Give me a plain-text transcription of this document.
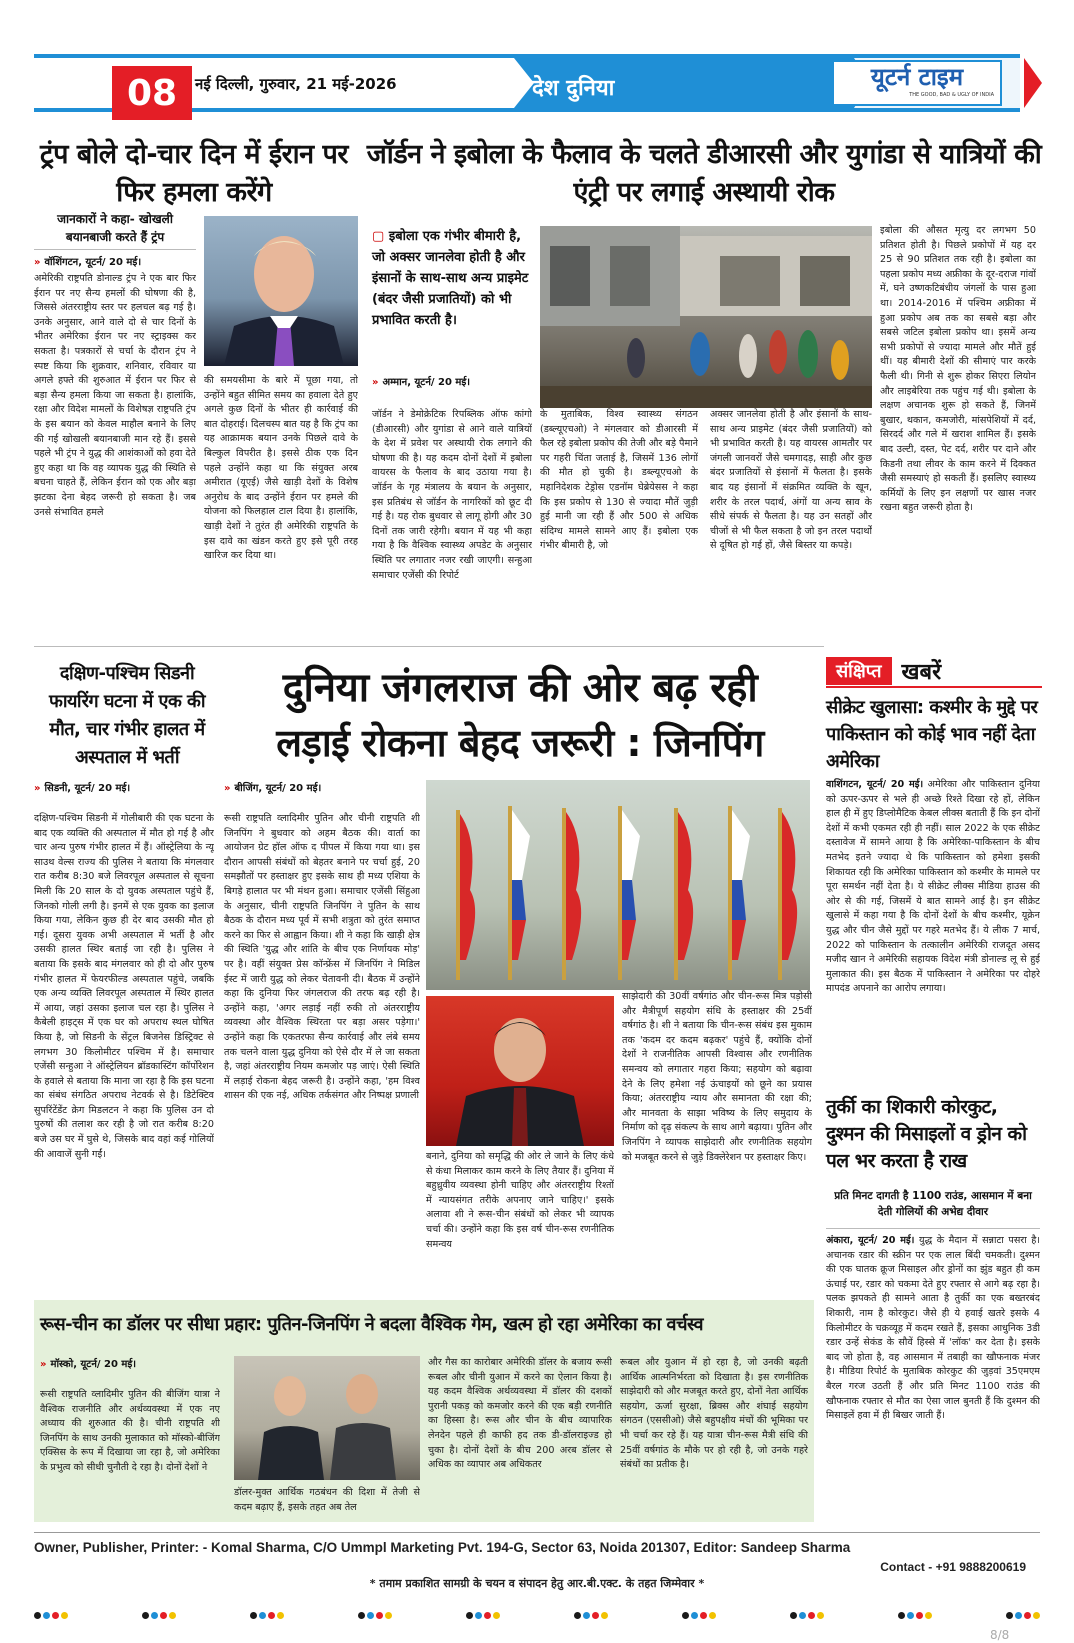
08	नई दिल्ली, गुरुवार, 21 मई-2026	देश दुनिया	यूटर्न टाइम
THE GOOD, BAD & UGLY OF INDIA
ट्रंप बोले दो-चार दिन में ईरान पर फिर हमला करेंगे
जानकारों ने कहा- खोखली बयानबाजी करते हैं ट्रंप
» वॉशिंगटन, यूटर्न/ 20 मई।
अमेरिकी राष्ट्रपति डोनाल्ड ट्रंप ने एक बार फिर ईरान पर नए सैन्य हमलों की घोषणा की है, जिससे अंतरराष्ट्रीय स्तर पर हलचल बढ़ गई है। उनके अनुसार, आने वाले दो से चार दिनों के भीतर अमेरिका ईरान पर नए स्ट्राइक्स कर सकता है। पत्रकारों से चर्चा के दौरान ट्रंप ने स्पष्ट किया कि शुक्रवार, शनिवार, रविवार या अगले हफ्ते की शुरुआत में ईरान पर फिर से बड़ा सैन्य हमला किया जा सकता है। हालांकि, रक्षा और विदेश मामलों के विशेषज्ञ राष्ट्रपति ट्रंप के इस बयान को केवल माहौल बनाने के लिए की गई खोखली बयानबाजी मान रहे हैं। इससे पहले भी ट्रंप ने युद्ध की आशंकाओं को हवा देते हुए कहा था कि वह व्यापक युद्ध की स्थिति से बचना चाहते हैं, लेकिन ईरान को एक और बड़ा झटका देना बेहद जरूरी हो सकता है। जब उनसे संभावित हमले
की समयसीमा के बारे में पूछा गया, तो उन्होंने बहुत सीमित समय का हवाला देते हुए अगले कुछ दिनों के भीतर ही कार्रवाई की बात दोहराई। दिलचस्प बात यह है कि ट्रंप का यह आक्रामक बयान उनके पिछले दावे के बिल्कुल विपरीत है। इससे ठीक एक दिन पहले उन्होंने कहा था कि संयुक्त अरब अमीरात (यूएई) जैसे खाड़ी देशों के विशेष अनुरोध के बाद उन्होंने ईरान पर हमले की योजना को फिलहाल टाल दिया है। हालांकि, खाड़ी देशों ने तुरंत ही अमेरिकी राष्ट्रपति के इस दावे का खंडन करते हुए इसे पूरी तरह खारिज कर दिया था।
जॉर्डन ने इबोला के फैलाव के चलते डीआरसी और युगांडा से यात्रियों की एंट्री पर लगाई अस्थायी रोक
▢ इबोला एक गंभीर बीमारी है, जो अक्सर जानलेवा होती है और इंसानों के साथ-साथ अन्य प्राइमेट (बंदर जैसी प्रजातियों) को भी प्रभावित करती है।
» अम्मान, यूटर्न/ 20 मई।
जॉर्डन ने डेमोक्रेटिक रिपब्लिक ऑफ कांगो (डीआरसी) और युगांडा से आने वाले यात्रियों के देश में प्रवेश पर अस्थायी रोक लगाने की घोषणा की है। यह कदम दोनों देशों में इबोला वायरस के फैलाव के बाद उठाया गया है। जॉर्डन के गृह मंत्रालय के बयान के अनुसार, इस प्रतिबंध से जॉर्डन के नागरिकों को छूट दी गई है। यह रोक बुधवार से लागू होगी और 30 दिनों तक जारी रहेगी। बयान में यह भी कहा गया है कि वैश्विक स्वास्थ्य अपडेट के अनुसार स्थिति पर लगातार नजर रखी जाएगी। सन्हुआ समाचार एजेंसी की रिपोर्ट
के मुताबिक, विश्व स्वास्थ्य संगठन (डब्ल्यूएचओ) ने मंगलवार को डीआरसी में फैल रहे इबोला प्रकोप की तेजी और बड़े पैमाने पर गहरी चिंता जताई है, जिसमें 136 लोगों की मौत हो चुकी है। डब्ल्यूएचओ के महानिदेशक टेड्रोस एडनॉम घेब्रेयेसस ने कहा कि इस प्रकोप से 130 से ज्यादा मौतें जुड़ी हुई मानी जा रही हैं और 500 से अधिक संदिग्ध मामले सामने आए हैं। इबोला एक गंभीर बीमारी है, जो
अक्सर जानलेवा होती है और इंसानों के साथ-साथ अन्य प्राइमेट (बंदर जैसी प्रजातियों) को भी प्रभावित करती है। यह वायरस आमतौर पर जंगली जानवरों जैसे चमगादड़, साही और कुछ बंदर प्रजातियों से इंसानों में फैलता है। इसके बाद यह इंसानों में संक्रमित व्यक्ति के खून, शरीर के तरल पदार्थ, अंगों या अन्य स्राव के सीधे संपर्क से फैलता है। यह उन सतहों और चीजों से भी फैल सकता है जो इन तरल पदार्थों से दूषित हो गई हों, जैसे बिस्तर या कपड़े।
इबोला की औसत मृत्यु दर लगभग 50 प्रतिशत होती है। पिछले प्रकोपों में यह दर 25 से 90 प्रतिशत तक रही है। इबोला का पहला प्रकोप मध्य अफ्रीका के दूर-दराज गांवों में, घने उष्णकटिबंधीय जंगलों के पास हुआ था। 2014-2016 में पश्चिम अफ्रीका में हुआ प्रकोप अब तक का सबसे बड़ा और सबसे जटिल इबोला प्रकोप था। इसमें अन्य सभी प्रकोपों से ज्यादा मामले और मौतें हुई थीं। यह बीमारी देशों की सीमाएं पार करके फैली थी। गिनी से शुरू होकर सिएरा लियोन और लाइबेरिया तक पहुंच गई थी। इबोला के लक्षण अचानक शुरू हो सकते हैं, जिनमें बुखार, थकान, कमजोरी, मांसपेशियों में दर्द, सिरदर्द और गले में खराश शामिल हैं। इसके बाद उल्टी, दस्त, पेट दर्द, शरीर पर दाने और किडनी तथा लीवर के काम करने में दिक्कत जैसी समस्याएं हो सकती हैं। इसलिए स्वास्थ्य कर्मियों के लिए इन लक्षणों पर खास नजर रखना बहुत जरूरी होता है।
दक्षिण-पश्चिम सिडनी फायरिंग घटना में एक की मौत, चार गंभीर हालत में अस्पताल में भर्ती
» सिडनी, यूटर्न/ 20 मई।
दक्षिण-पश्चिम सिडनी में गोलीबारी की एक घटना के बाद एक व्यक्ति की अस्पताल में मौत हो गई है और चार अन्य पुरुष गंभीर हालत में हैं। ऑस्ट्रेलिया के न्यू साउथ वेल्स राज्य की पुलिस ने बताया कि मंगलवार रात करीब 8:30 बजे लिवरपूल अस्पताल से सूचना मिली कि 20 साल के दो युवक अस्पताल पहुंचे हैं, जिनको गोली लगी है। इनमें से एक युवक का इलाज किया गया, लेकिन कुछ ही देर बाद उसकी मौत हो गई। दूसरा युवक अभी अस्पताल में भर्ती है और उसकी हालत स्थिर बताई जा रही है। पुलिस ने बताया कि इसके बाद मंगलवार को ही दो और पुरुष गंभीर हालत में फेयरफील्ड अस्पताल पहुंचे, जबकि एक अन्य व्यक्ति लिवरपूल अस्पताल में स्थिर हालत में आया, जहां उसका इलाज चल रहा है। पुलिस ने कैबेली हाइट्स में एक घर को अपराध स्थल घोषित किया है, जो सिडनी के सेंट्रल बिजनेस डिस्ट्रिक्ट से लगभग 30 किलोमीटर पश्चिम में है। समाचार एजेंसी सन्हुआ ने ऑस्ट्रेलियन ब्रॉडकास्टिंग कॉर्पोरेशन के हवाले से बताया कि माना जा रहा है कि इस घटना का संबंध संगठित अपराध नेटवर्क से है। डिटेक्टिव सुपरिंटेंडेंट क्रेग मिडलटन ने कहा कि पुलिस उन दो पुरुषों की तलाश कर रही है जो रात करीब 8:20 बजे उस घर में घुसे थे, जिसके बाद वहां कई गोलियों की आवाजें सुनी गईं।
दुनिया जंगलराज की ओर बढ़ रही
लड़ाई रोकना बेहद जरूरी : जिनपिंग
» बीजिंग, यूटर्न/ 20 मई।
रूसी राष्ट्रपति व्लादिमीर पुतिन और चीनी राष्ट्रपति शी जिनपिंग ने बुधवार को अहम बैठक की। वार्ता का आयोजन ग्रेट हॉल ऑफ द पीपल में किया गया था। इस दौरान आपसी संबंधों को बेहतर बनाने पर चर्चा हुई, 20 समझौतों पर हस्ताक्षर हुए इसके साथ ही मध्य एशिया के बिगड़े हालात पर भी मंथन हुआ। समाचार एजेंसी सिंहुआ के अनुसार, चीनी राष्ट्रपति जिनपिंग ने पुतिन के साथ बैठक के दौरान मध्य पूर्व में सभी शत्रुता को तुरंत समाप्त करने का फिर से आह्वान किया। शी ने कहा कि खाड़ी क्षेत्र की स्थिति 'युद्ध और शांति के बीच एक निर्णायक मोड़' पर है। वहीं संयुक्त प्रेस कॉन्फ्रेंस में जिनपिंग ने मिडिल ईस्ट में जारी युद्ध को लेकर चेतावनी दी। बैठक में उन्होंने कहा कि दुनिया फिर जंगलराज की तरफ बढ़ रही है। उन्होंने कहा, 'अगर लड़ाई नहीं रुकी तो अंतरराष्ट्रीय व्यवस्था और वैश्विक स्थिरता पर बड़ा असर पड़ेगा।' उन्होंने कहा कि एकतरफा सैन्य कार्रवाई और लंबे समय तक चलने वाला युद्ध दुनिया को ऐसे दौर में ले जा सकता है, जहां अंतरराष्ट्रीय नियम कमजोर पड़ जाएं। ऐसी स्थिति में लड़ाई रोकना बेहद जरूरी है। उन्होंने कहा, 'हम विश्व शासन की एक नई, अधिक तर्कसंगत और निष्पक्ष प्रणाली
बनाने, दुनिया को समृद्धि की ओर ले जाने के लिए कंधे से कंधा मिलाकर काम करने के लिए तैयार हैं। दुनिया में बहुध्रुवीय व्यवस्था होनी चाहिए और अंतरराष्ट्रीय रिश्तों में न्यायसंगत तरीके अपनाए जाने चाहिए।' इसके अलावा शी ने रूस-चीन संबंधों को लेकर भी व्यापक चर्चा की। उन्होंने कहा कि इस वर्ष चीन-रूस रणनीतिक समन्वय
साझेदारी की 30वीं वर्षगांठ और चीन-रूस मित्र पड़ोसी और मैत्रीपूर्ण सहयोग संधि के हस्ताक्षर की 25वीं वर्षगांठ है। शी ने बताया कि चीन-रूस संबंध इस मुकाम तक 'कदम दर कदम बढ़कर' पहुंचे हैं, क्योंकि दोनों देशों ने राजनीतिक आपसी विश्वास और रणनीतिक समन्वय को लगातार गहरा किया; सहयोग को बढ़ावा देने के लिए हमेशा नई ऊंचाइयों को छूने का प्रयास किया; अंतरराष्ट्रीय न्याय और समानता की रक्षा की; और मानवता के साझा भविष्य के लिए समुदाय के निर्माण को दृढ़ संकल्प के साथ आगे बढ़ाया। पुतिन और जिनपिंग ने व्यापक साझेदारी और रणनीतिक सहयोग को मजबूत करने से जुड़े डिक्लेरेशन पर हस्ताक्षर किए।
संक्षिप्त खबरें
सीक्रेट खुलासा: कश्मीर के मुद्दे पर पाकिस्तान को कोई भाव नहीं देता अमेरिका
वाशिंगटन, यूटर्न/ 20 मई। अमेरिका और पाकिस्तान दुनिया को ऊपर-ऊपर से भले ही अच्छे रिश्ते दिखा रहे हों, लेकिन हाल ही में हुए डिप्लोमैटिक केबल लीक्स बताती हैं कि इन दोनों देशों में कभी एकमत रही ही नहीं। साल 2022 के एक सीक्रेट दस्तावेज में सामने आया है कि अमेरिका-पाकिस्तान के बीच मतभेद इतने ज्यादा थे कि पाकिस्तान को हमेशा इसकी शिकायत रही कि अमेरिका पाकिस्तान को कश्मीर के मामले पर पूरा समर्थन नहीं देता है। ये सीक्रेट लीक्स मीडिया हाउस की ओर से की गई, जिसमें ये बात सामने आई है। इन सीक्रेट खुलासे में कहा गया है कि दोनों देशों के बीच कश्मीर, यूक्रेन युद्ध और चीन जैसे मुद्दों पर गहरे मतभेद हैं। ये लीक 7 मार्च, 2022 को पाकिस्तान के तत्कालीन अमेरिकी राजदूत असद मजीद खान ने अमेरिकी सहायक विदेश मंत्री डोनाल्ड लू से हुई मुलाकात की। इस बैठक में पाकिस्तान ने अमेरिका पर दोहरे मापदंड अपनाने का आरोप लगाया।
तुर्की का शिकारी कोरकुट, दुश्मन की मिसाइलों व ड्रोन को पल भर करता है राख
प्रति मिनट दागती है 1100 राउंड, आसमान में बना देती गोलियों की अभेद्य दीवार
अंकारा, यूटर्न/ 20 मई। युद्ध के मैदान में सन्नाटा पसरा है। अचानक रडार की स्क्रीन पर एक लाल बिंदी चमकती। दुश्मन की एक घातक क्रूज मिसाइल और ड्रोनों का झुंड बहुत ही कम ऊंचाई पर, रडार को चकमा देते हुए रफ्तार से आगे बढ़ रहा है। पलक झपकते ही सामने आता है तुर्की का एक बख्तरबंद शिकारी, नाम है कोरकुट। जैसे ही ये हवाई खतरे इसके 4 किलोमीटर के चक्रव्यूह में कदम रखते हैं, इसका आधुनिक 3डी रडार उन्हें सेकंड के सौवें हिस्से में 'लॉक' कर देता है। इसके बाद जो होता है, वह आसमान में तबाही का खौफनाक मंजर है। मीडिया रिपोर्ट के मुताबिक कोरकुट की जुड़वां 35एमएम बैरल गरज उठती हैं और प्रति मिनट 1100 राउंड की खौफनाक रफ्तार से मौत का ऐसा जाल बुनती हैं कि दुश्मन की मिसाइलें हवा में ही बिखर जाती हैं।
रूस-चीन का डॉलर पर सीधा प्रहार: पुतिन-जिनपिंग ने बदला वैश्विक गेम, खत्म हो रहा अमेरिका का वर्चस्व
» मॉस्को, यूटर्न/ 20 मई।
रूसी राष्ट्रपति व्लादिमीर पुतिन की बीजिंग यात्रा ने वैश्विक राजनीति और अर्थव्यवस्था में एक नए अध्याय की शुरुआत की है। चीनी राष्ट्रपति शी जिनपिंग के साथ उनकी मुलाकात को मॉस्को-बीजिंग एक्सिस के रूप में दिखाया जा रहा है, जो अमेरिका के प्रभुत्व को सीधी चुनौती दे रहा है। दोनों देशों ने
डॉलर-मुक्त आर्थिक गठबंधन की दिशा में तेजी से कदम बढ़ाए हैं, इसके तहत अब तेल
और गैस का कारोबार अमेरिकी डॉलर के बजाय रूसी रूबल और चीनी युआन में करने का ऐलान किया है। यह कदम वैश्विक अर्थव्यवस्था में डॉलर की दशकों पुरानी पकड़ को कमजोर करने की एक बड़ी रणनीति का हिस्सा है। रूस और चीन के बीच व्यापारिक लेनदेन पहले ही काफी हद तक डी-डॉलराइज्ड हो चुका है। दोनों देशों के बीच 200 अरब डॉलर से अधिक का व्यापार अब अधिकतर
रूबल और युआन में हो रहा है, जो उनकी बढ़ती आर्थिक आत्मनिर्भरता को दिखाता है। इस रणनीतिक साझेदारी को और मजबूत करते हुए, दोनों नेता आर्थिक सहयोग, ऊर्जा सुरक्षा, ब्रिक्स और शंघाई सहयोग संगठन (एससीओ) जैसे बहुपक्षीय मंचों की भूमिका पर भी चर्चा कर रहे हैं। यह यात्रा चीन-रूस मैत्री संधि की 25वीं वर्षगांठ के मौके पर हो रही है, जो उनके गहरे संबंधों का प्रतीक है।
Owner, Publisher, Printer: - Komal Sharma, C/O Ummpl Marketing Pvt. 194-G, Sector 63, Noida 201307, Editor: Sandeep Sharma
Contact - +91 9888200619
* तमाम प्रकाशित सामग्री के चयन व संपादन हेतु आर.बी.एक्ट. के तहत जिम्मेवार *
8/8
